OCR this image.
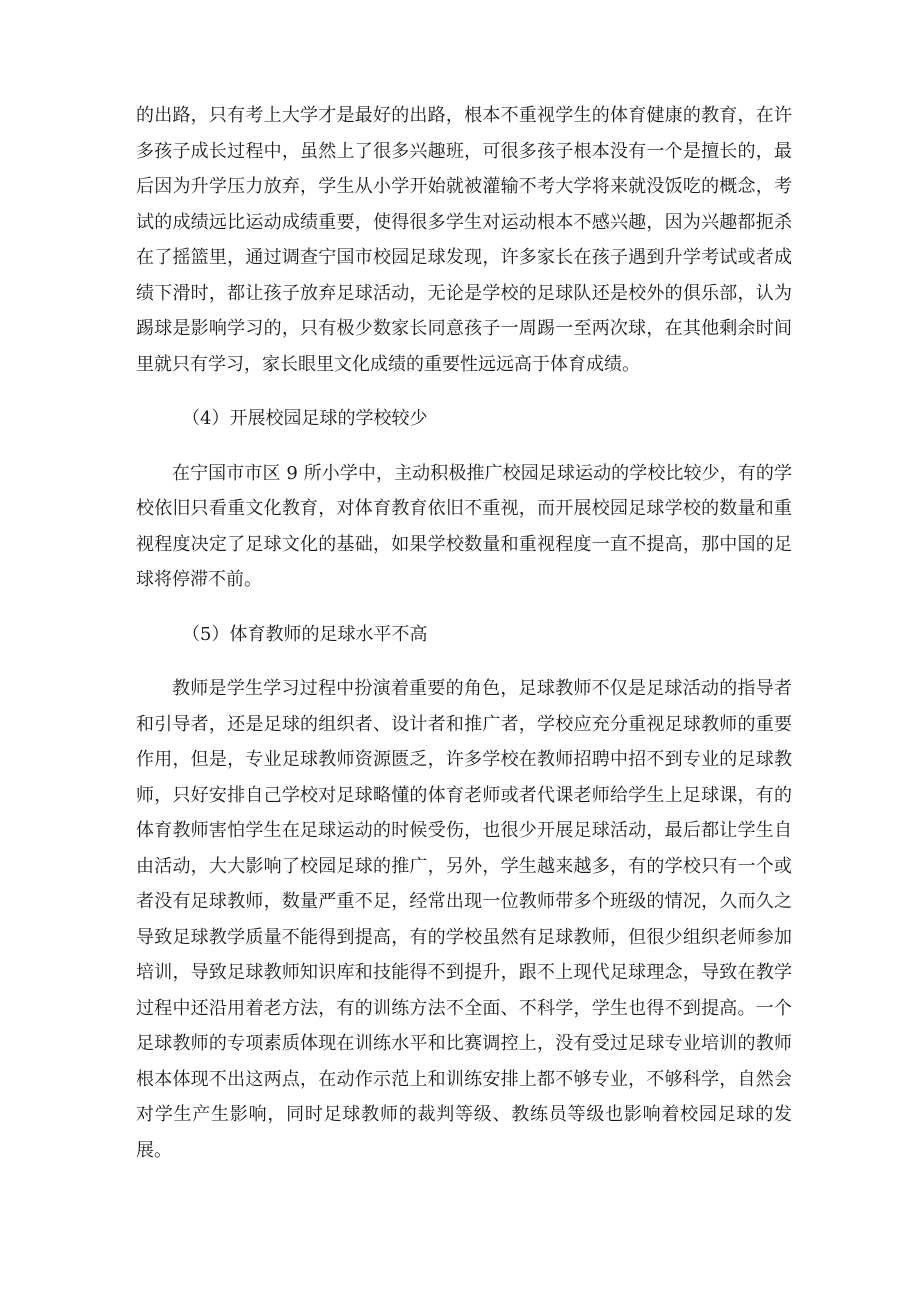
的出路，只有考上大学才是最好的出路，根本不重视学生的体育健康的教育，在许多孩子成长过程中，虽然上了很多兴趣班，可很多孩子根本没有一个是擅长的，最后因为升学压力放弃，学生从小学开始就被灌输不考大学将来就没饭吃的概念，考试的成绩远比运动成绩重要，使得很多学生对运动根本不感兴趣，因为兴趣都扼杀在了摇篮里，通过调查宁国市校园足球发现，许多家长在孩子遇到升学考试或者成绩下滑时，都让孩子放弃足球活动，无论是学校的足球队还是校外的俱乐部，认为踢球是影响学习的，只有极少数家长同意孩子一周踢一至两次球，在其他剩余时间里就只有学习，家长眼里文化成绩的重要性远远高于体育成绩。

（4）开展校园足球的学校较少

在宁国市市区 9 所小学中，主动积极推广校园足球运动的学校比较少，有的学校依旧只看重文化教育，对体育教育依旧不重视，而开展校园足球学校的数量和重视程度决定了足球文化的基础，如果学校数量和重视程度一直不提高，那中国的足球将停滞不前。

（5）体育教师的足球水平不高

教师是学生学习过程中扮演着重要的角色，足球教师不仅是足球活动的指导者和引导者，还是足球的组织者、设计者和推广者，学校应充分重视足球教师的重要作用，但是，专业足球教师资源匮乏，许多学校在教师招聘中招不到专业的足球教师，只好安排自己学校对足球略懂的体育老师或者代课老师给学生上足球课，有的体育教师害怕学生在足球运动的时候受伤，也很少开展足球活动，最后都让学生自由活动，大大影响了校园足球的推广，另外，学生越来越多，有的学校只有一个或者没有足球教师，数量严重不足，经常出现一位教师带多个班级的情况，久而久之导致足球教学质量不能得到提高，有的学校虽然有足球教师，但很少组织老师参加培训，导致足球教师知识库和技能得不到提升，跟不上现代足球理念，导致在教学过程中还沿用着老方法，有的训练方法不全面、不科学，学生也得不到提高。一个足球教师的专项素质体现在训练水平和比赛调控上，没有受过足球专业培训的教师根本体现不出这两点，在动作示范上和训练安排上都不够专业，不够科学，自然会对学生产生影响，同时足球教师的裁判等级、教练员等级也影响着校园足球的发展。
